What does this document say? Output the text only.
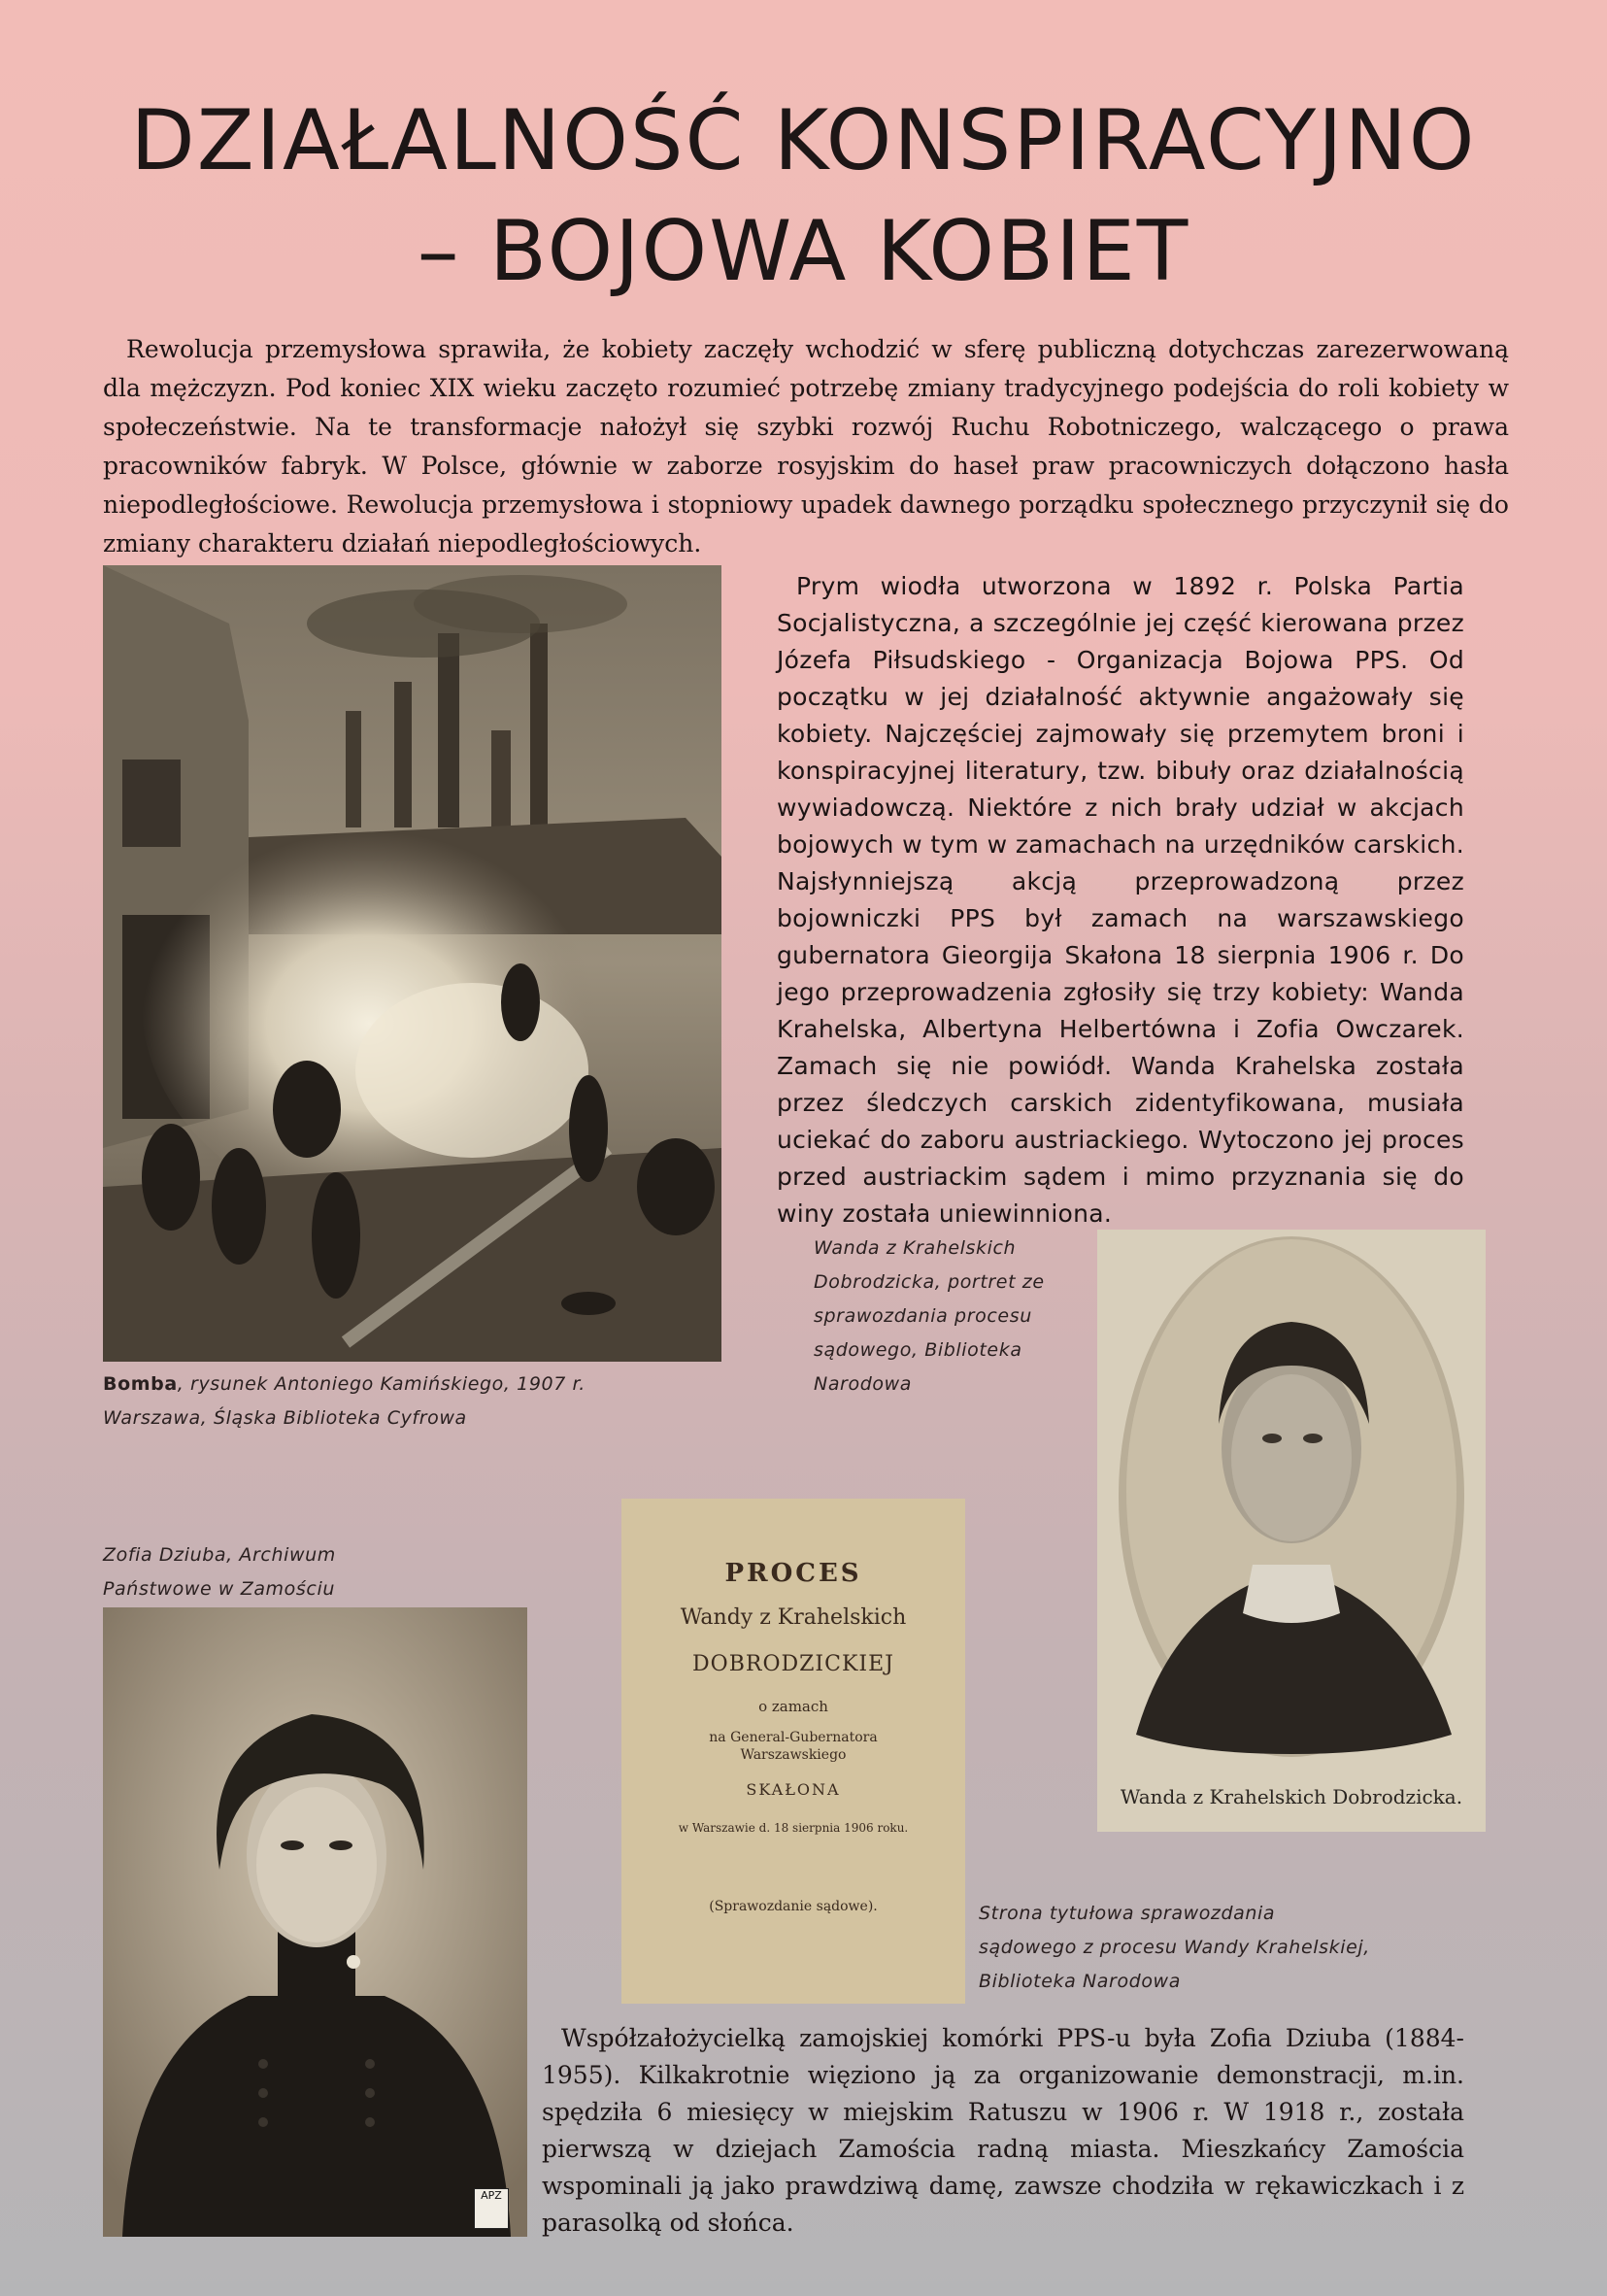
DZIAŁALNOŚĆ KONSPIRACYJNO
– BOJOWA KOBIET

Rewolucja przemysłowa sprawiła, że kobiety zaczęły wchodzić w sferę publiczną dotychczas zarezerwowaną dla mężczyzn. Pod koniec XIX wieku zaczęto rozumieć potrzebę zmiany tradycyjnego podejścia do roli kobiety w społeczeństwie. Na te transformacje nałożył się szybki rozwój Ruchu Robotniczego, walczącego o prawa pracowników fabryk. W Polsce, głównie w zaborze rosyjskim do haseł praw pracowniczych dołączono hasła niepodległościowe. Rewolucja przemysłowa i stopniowy upadek dawnego porządku społecznego przyczynił się do zmiany charakteru działań niepodległościowych.

Bomba, rysunek Antoniego Kamińskiego, 1907 r.
Warszawa, Śląska Biblioteka Cyfrowa

Prym wiodła utworzona w 1892 r. Polska Partia Socjalistyczna, a szczególnie jej część kierowana przez Józefa Piłsudskiego - Organizacja Bojowa PPS. Od początku w jej działalność aktywnie angażowały się kobiety. Najczęściej zajmowały się przemytem broni i konspiracyjnej literatury, tzw. bibuły oraz działalnością wywiadowczą. Niektóre z nich brały udział w akcjach bojowych w tym w zamachach na urzędników carskich. Najsłynniejszą akcją przeprowadzoną przez bojowniczki PPS był zamach na warszawskiego gubernatora Gieorgija Skałona 18 sierpnia 1906 r. Do jego przeprowadzenia zgłosiły się trzy kobiety: Wanda Krahelska, Albertyna Helbertówna i Zofia Owczarek. Zamach się nie powiódł. Wanda Krahelska została przez śledczych carskich zidentyfikowana, musiała uciekać do zaboru austriackiego. Wytoczono jej proces przed austriackim sądem i mimo przyznania się do winy została uniewinniona.

Wanda z Krahelskich
Dobrodzicka, portret ze
sprawozdania procesu
sądowego, Biblioteka
Narodowa

Wanda z Krahelskich Dobrodzicka.

Zofia Dziuba, Archiwum
Państwowe w Zamościu

APZ
PROCES
Wandy z Krahelskich
DOBRODZICKIEJ
o zamach
na General-Gubernatora
Warszawskiego
SKAŁONA
w Warszawie d. 18 sierpnia 1906 roku.
(Sprawozdanie sądowe).	Strona tytułowa sprawozdania
sądowego z procesu Wandy Krahelskiej,
Biblioteka Narodowa

Współzałożycielką zamojskiej komórki PPS-u była Zofia Dziuba (1884-1955). Kilkakrotnie więziono ją za organizowanie demonstracji, m.in. spędziła 6 miesięcy w miejskim Ratuszu w 1906 r. W 1918 r., została pierwszą w dziejach Zamościa radną miasta. Mieszkańcy Zamościa wspominali ją jako prawdziwą damę, zawsze chodziła w rękawiczkach i z parasolką od słońca.
